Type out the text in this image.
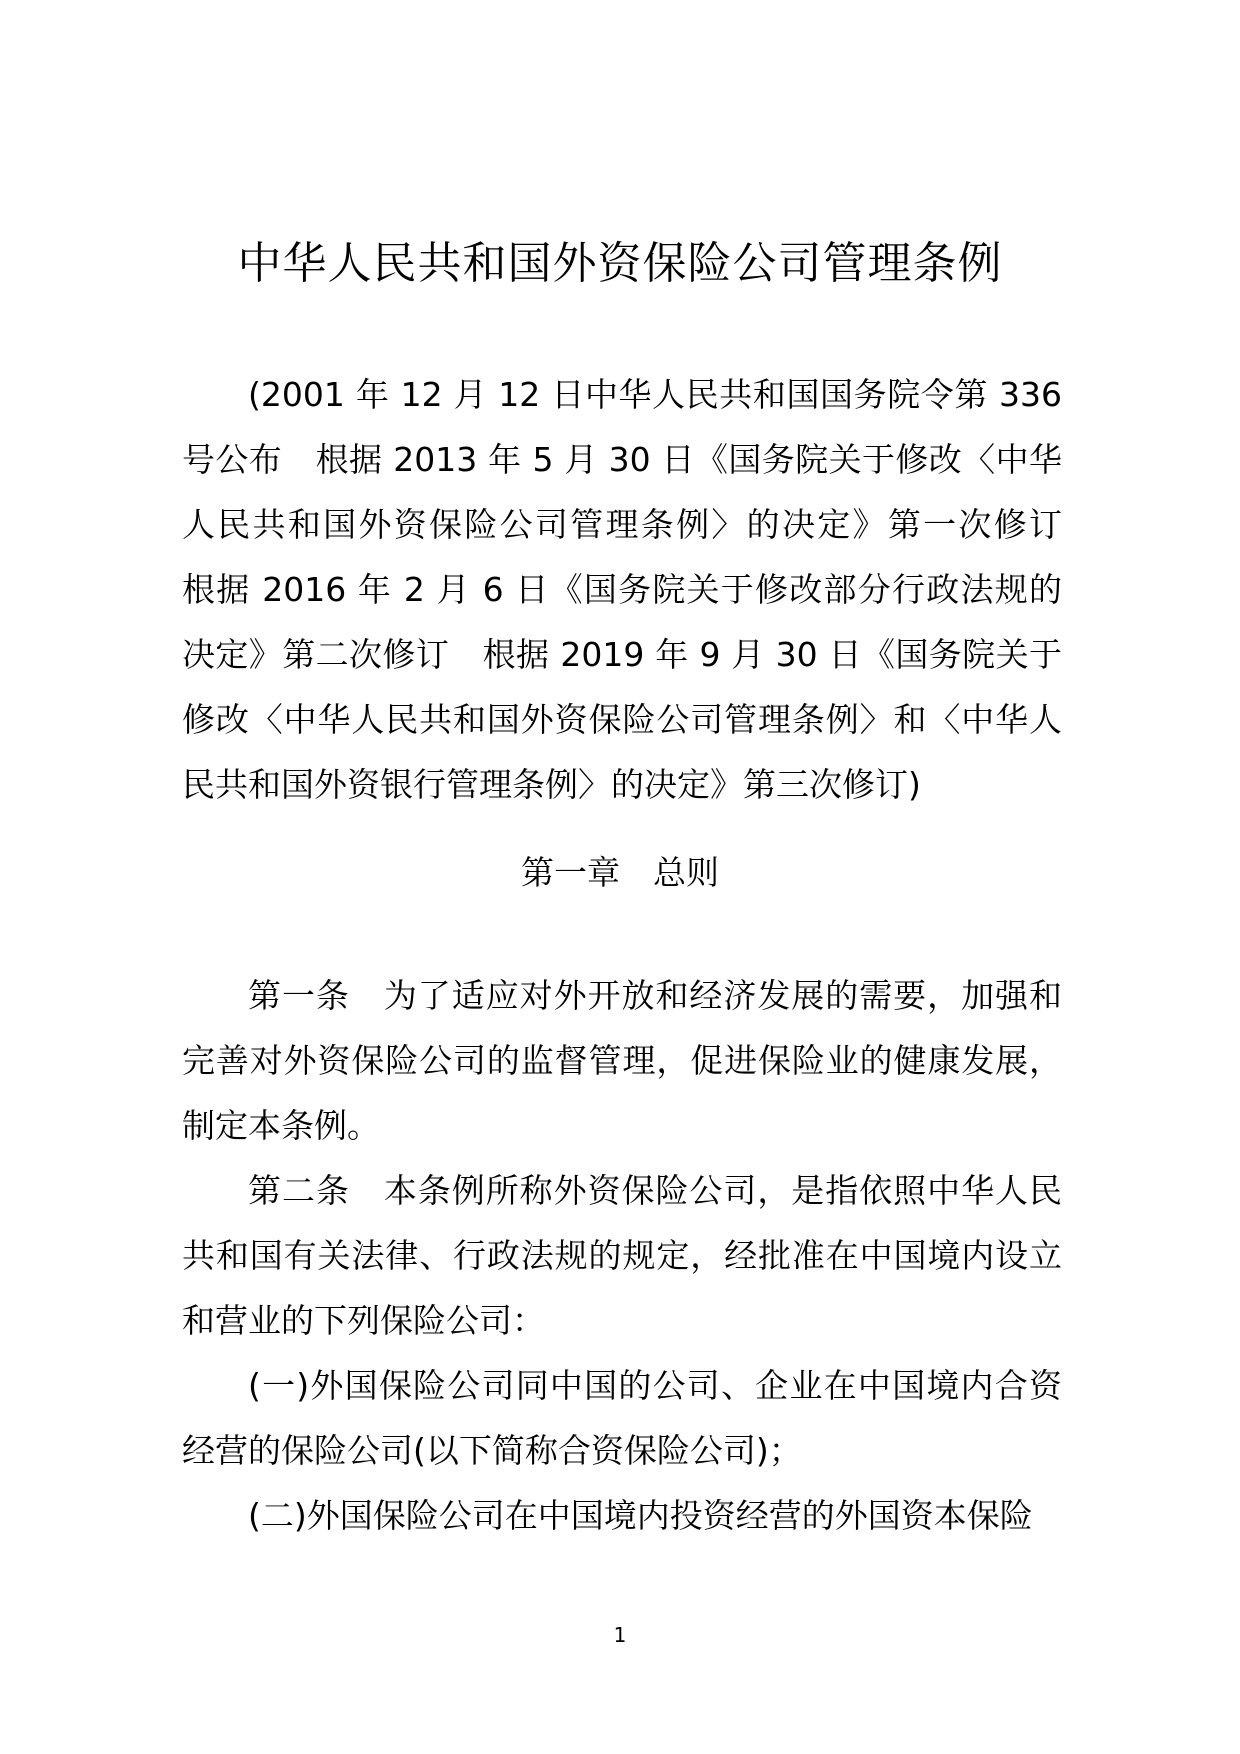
中华人民共和国外资保险公司管理条例

(2001 年 12 月 12 日中华人民共和国国务院令第 336 号公布　根据 2013 年 5 月 30 日《国务院关于修改〈中华人民共和国外资保险公司管理条例〉的决定》第一次修订　根据 2016 年 2 月 6 日《国务院关于修改部分行政法规的决定》第二次修订　根据 2019 年 9 月 30 日《国务院关于修改〈中华人民共和国外资保险公司管理条例〉和〈中华人民共和国外资银行管理条例〉的决定》第三次修订)

第一章　总则

第一条　为了适应对外开放和经济发展的需要，加强和完善对外资保险公司的监督管理，促进保险业的健康发展，制定本条例。

第二条　本条例所称外资保险公司，是指依照中华人民共和国有关法律、行政法规的规定，经批准在中国境内设立和营业的下列保险公司：

(一)外国保险公司同中国的公司、企业在中国境内合资经营的保险公司(以下简称合资保险公司)；

(二)外国保险公司在中国境内投资经营的外国资本保险

1
